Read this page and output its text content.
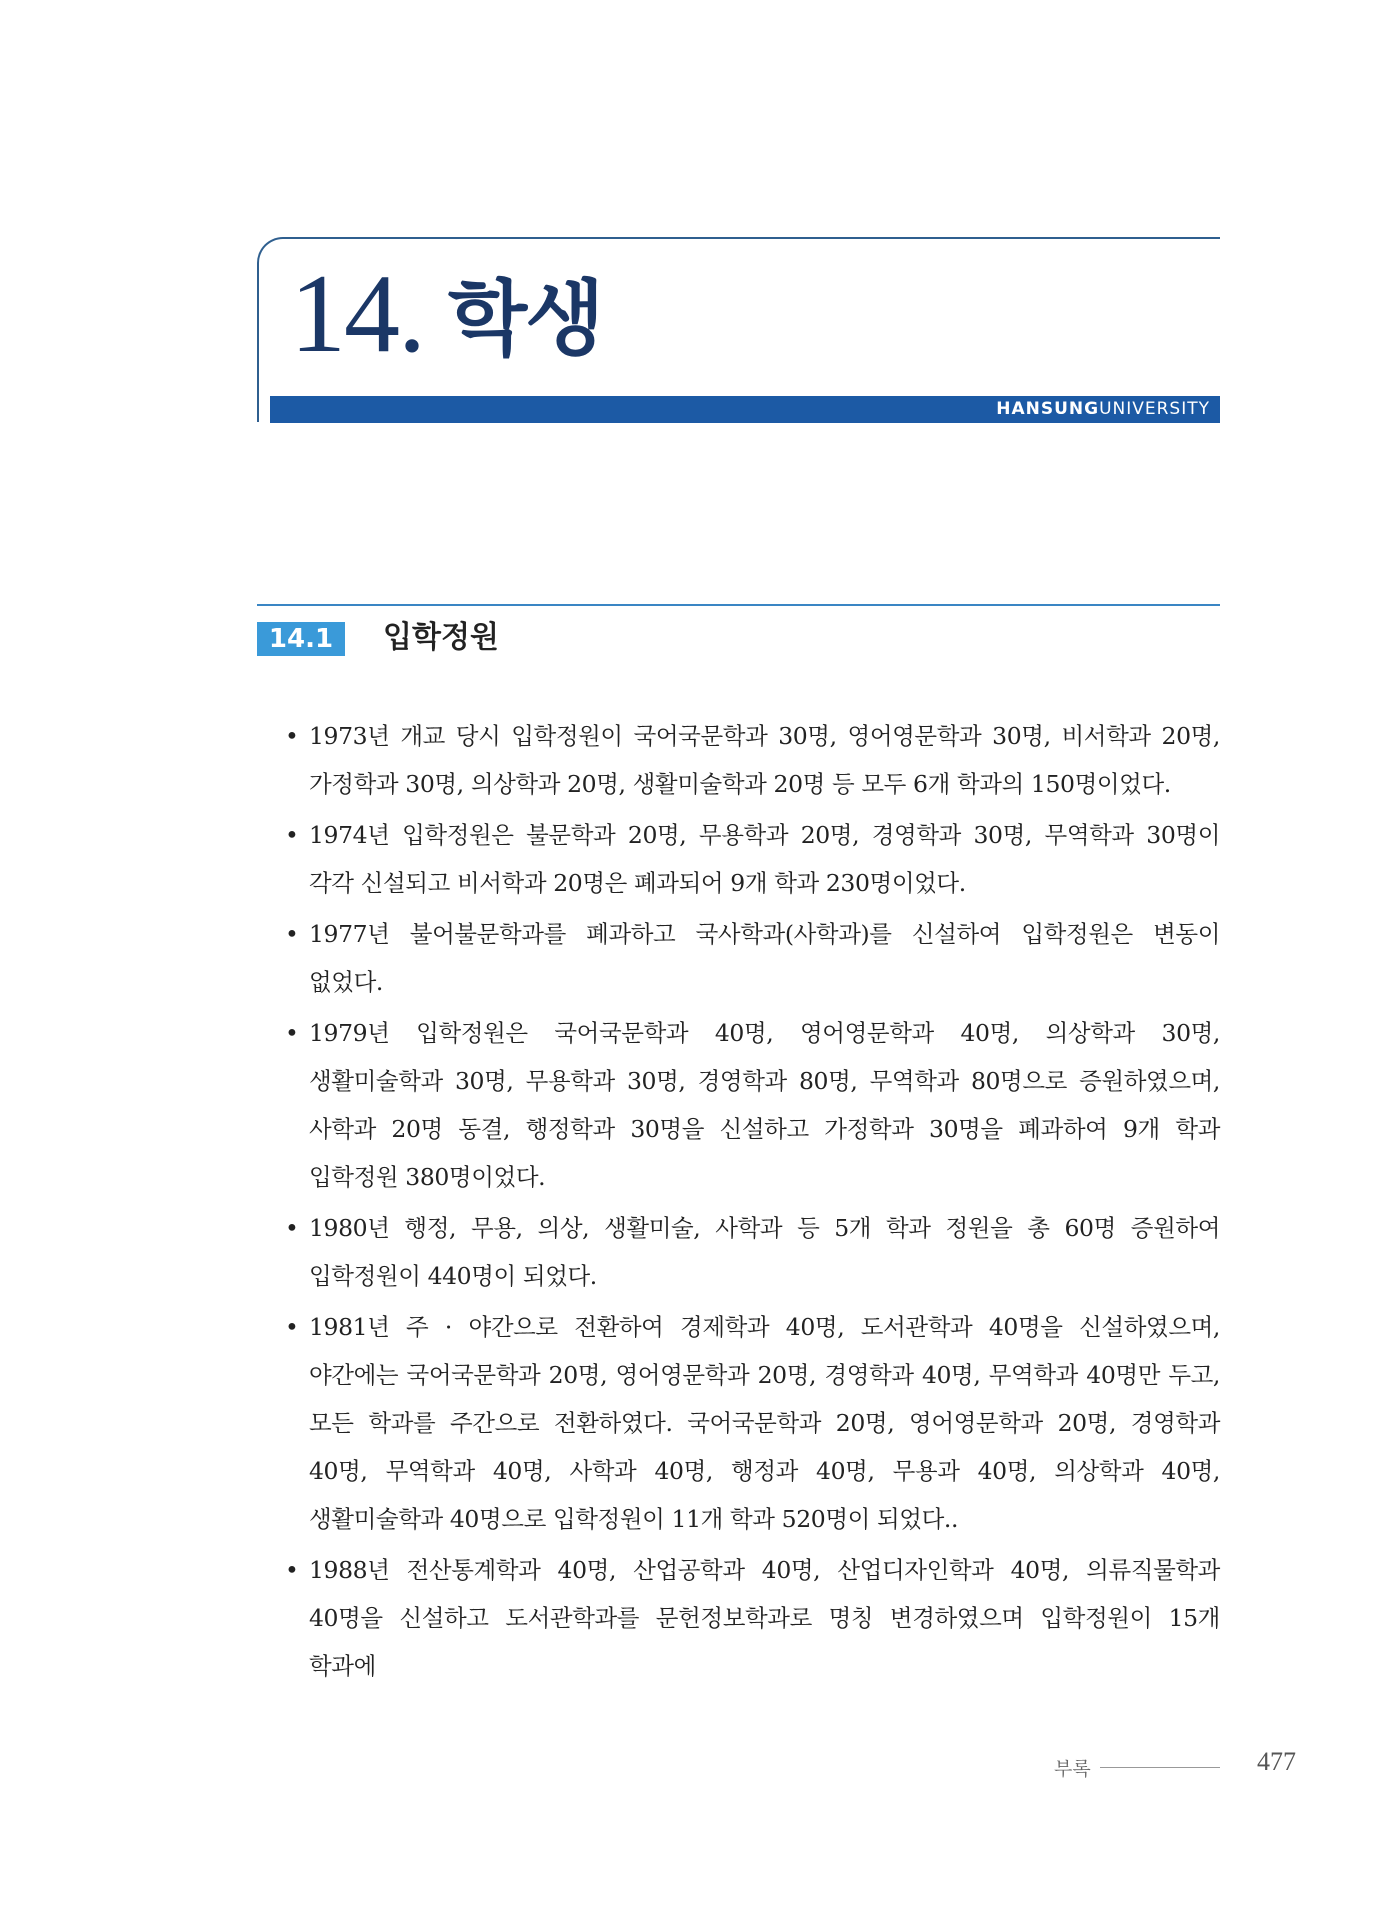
14. 학생
HANSUNGUNIVERSITY
14.1	입학정원
• 1973년 개교 당시 입학정원이 국어국문학과 30명, 영어영문학과 30명, 비서학과 20명, 가정학과 30명, 의상학과 20명, 생활미술학과 20명 등 모두 6개 학과의 150명이었다.
• 1974년 입학정원은 불문학과 20명, 무용학과 20명, 경영학과 30명, 무역학과 30명이 각각 신설되고 비서학과 20명은 폐과되어 9개 학과 230명이었다.
• 1977년 불어불문학과를 폐과하고 국사학과(사학과)를 신설하여 입학정원은 변동이 없었다.
• 1979년 입학정원은 국어국문학과 40명, 영어영문학과 40명, 의상학과 30명, 생활미술학과 30명, 무용학과 30명, 경영학과 80명, 무역학과 80명으로 증원하였으며, 사학과 20명 동결, 행정학과 30명을 신설하고 가정학과 30명을 폐과하여 9개 학과 입학정원 380명이었다.
• 1980년 행정, 무용, 의상, 생활미술, 사학과 등 5개 학과 정원을 총 60명 증원하여 입학정원이 440명이 되었다.
• 1981년 주 · 야간으로 전환하여 경제학과 40명, 도서관학과 40명을 신설하였으며, 야간에는 국어국문학과 20명, 영어영문학과 20명, 경영학과 40명, 무역학과 40명만 두고, 모든 학과를 주간으로 전환하였다. 국어국문학과 20명, 영어영문학과 20명, 경영학과 40명, 무역학과 40명, 사학과 40명, 행정과 40명, 무용과 40명, 의상학과 40명, 생활미술학과 40명으로 입학정원이 11개 학과 520명이 되었다..
• 1988년 전산통계학과 40명, 산업공학과 40명, 산업디자인학과 40명, 의류직물학과 40명을 신설하고 도서관학과를 문헌정보학과로 명칭 변경하였으며 입학정원이 15개 학과에
부록	477
